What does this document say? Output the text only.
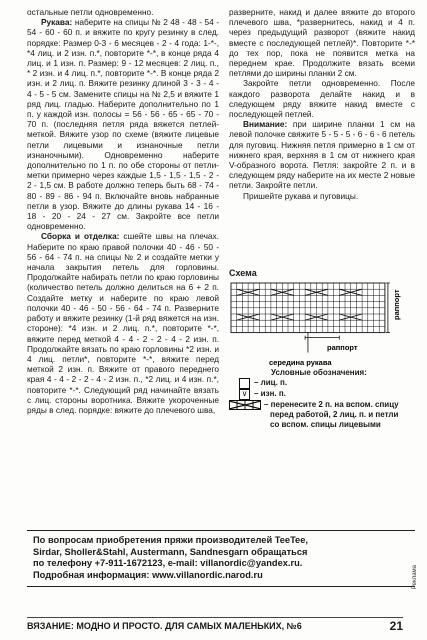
остальные петли одновременно.

Рукава: наберите на спицы № 2 48 - 48 - 54 - 54 - 60 - 60 п. и вяжите по кругу резинку в след. порядке: Размер 0-3 - 6 месяцев - 2 - 4 года: 1-*-, *4 лиц. и 2 изн. п.*, повторите *-*, в конце ряда 4 лиц. и 1 изн. п. Размер: 9 - 12 месяцев: 2 лиц. п., * 2 изн. и 4 лиц. п.*, повторите *-*. В конце ряда 2 изн. и 2 лиц. п. Вяжите резинку длиной 3 - 3 - 4 - 4 - 5 - 5 см. Замените спицы на № 2,5 и вяжите 1 ряд лиц. гладью. Наберите дополнительно по 1 п. у каждой изн. полосы = 56 - 56 - 65 - 65 - 70 - 70 п. (последняя петля ряда вяжется петлей-меткой. Вяжите узор по схеме (вяжите лицевые петли лицевыми и изнаночные петли изнаночными). Одновременно наберите дополнительно по 1 п. по обе стороны от петли-метки примерно через каждые 1,5 - 1,5 - 1,5 - 2 - 2 - 1,5 см. В работе должно теперь быть 68 - 74 - 80 - 89 - 86 - 94 п. Включайте вновь набранные петли в узор. Вяжите до длины рукава 14 - 16 - 18 - 20 - 24 - 27 см. Закройте все петли одновременно.

Сборка и отделка: сшейте швы на плечах. Наберите по краю правой полочки 40 - 46 - 50 - 56 - 64 - 74 п. на спицы № 2 и создайте метки у начала закрытия петель для горловины. Продолжайте набирать петли по краю горловины (количество петель должно делиться на 6 + 2 п. Создайте метку и наберите по краю левой полочки 40 - 46 - 50 - 56 - 64 - 74 п. Разверните работу и вяжите резинку (1-й ряд вяжется на изн. стороне): *4 изн. и 2 лиц. п.*, повторите *-*, вяжите перед меткой 4 - 4 - 2 - 2 - 4 - 2 изн. п. Продолжайте вязать по краю горловины *2 изн. и 4 лиц. петли*, повторите *-*, вяжите перед меткой 2 изн. п. Вяжите от правого переднего края 4 - 4 - 2 - 2 - 4 - 2 изн. п., *2 лиц. и 4 изн. п.*, повторите *-*. Следующий ряд начинайте вязать с лиц. стороны воротника. Вяжите укороченные ряды в след. порядке: вяжите до плечевого шва,

разверните, накид и далее вяжите до второго плечевого шва, *развернитесь, накид и 4 п. через предыдущий разворот (вяжите накид вместе с последующей петлей)*. Повторите *-* до тех пор, пока не появится метка на переднем крае. Продолжите вязать всеми петлями до ширины планки 2 см.

Закройте петли одновременно. После каждого разворота делайте накид и в следующем ряду вяжите накид вместе с последующей петлей.

Внимание: при ширине планки 1 см на левой полочке свяжите 5 - 5 - 5 - 6 - 6 - 6 петель для пуговиц. Нижняя петля примерно в 1 см от нижнего края, верхняя в 1 см от нижнего края V-образного ворота. Петля: закройте 2 п. и в следующем ряду наберите на их месте 2 новые петли. Закройте петли.

Пришейте рукава и пуговицы.

Схема
раппорт
раппорт
середина рукава
Условные обозначения:
– лиц. п.
∨ – изн. п.
– перенесите 2 п. на вспом. спицу
перед работой, 2 лиц. п. и петли
со вспом. спицы лицевыми
По вопросам приобретения пряжи производителей TeeTee,
Sirdar, Sholler&Stahl, Austermann, Sandnesgarn обращаться
по телефону +7-911-1672123, e-mail: villanordic@yandex.ru.
Подробная информация: www.villanordic.narod.ru	Реклама
ВЯЗАНИЕ: МОДНО И ПРОСТО. ДЛЯ САМЫХ МАЛЕНЬКИХ, №6	21
